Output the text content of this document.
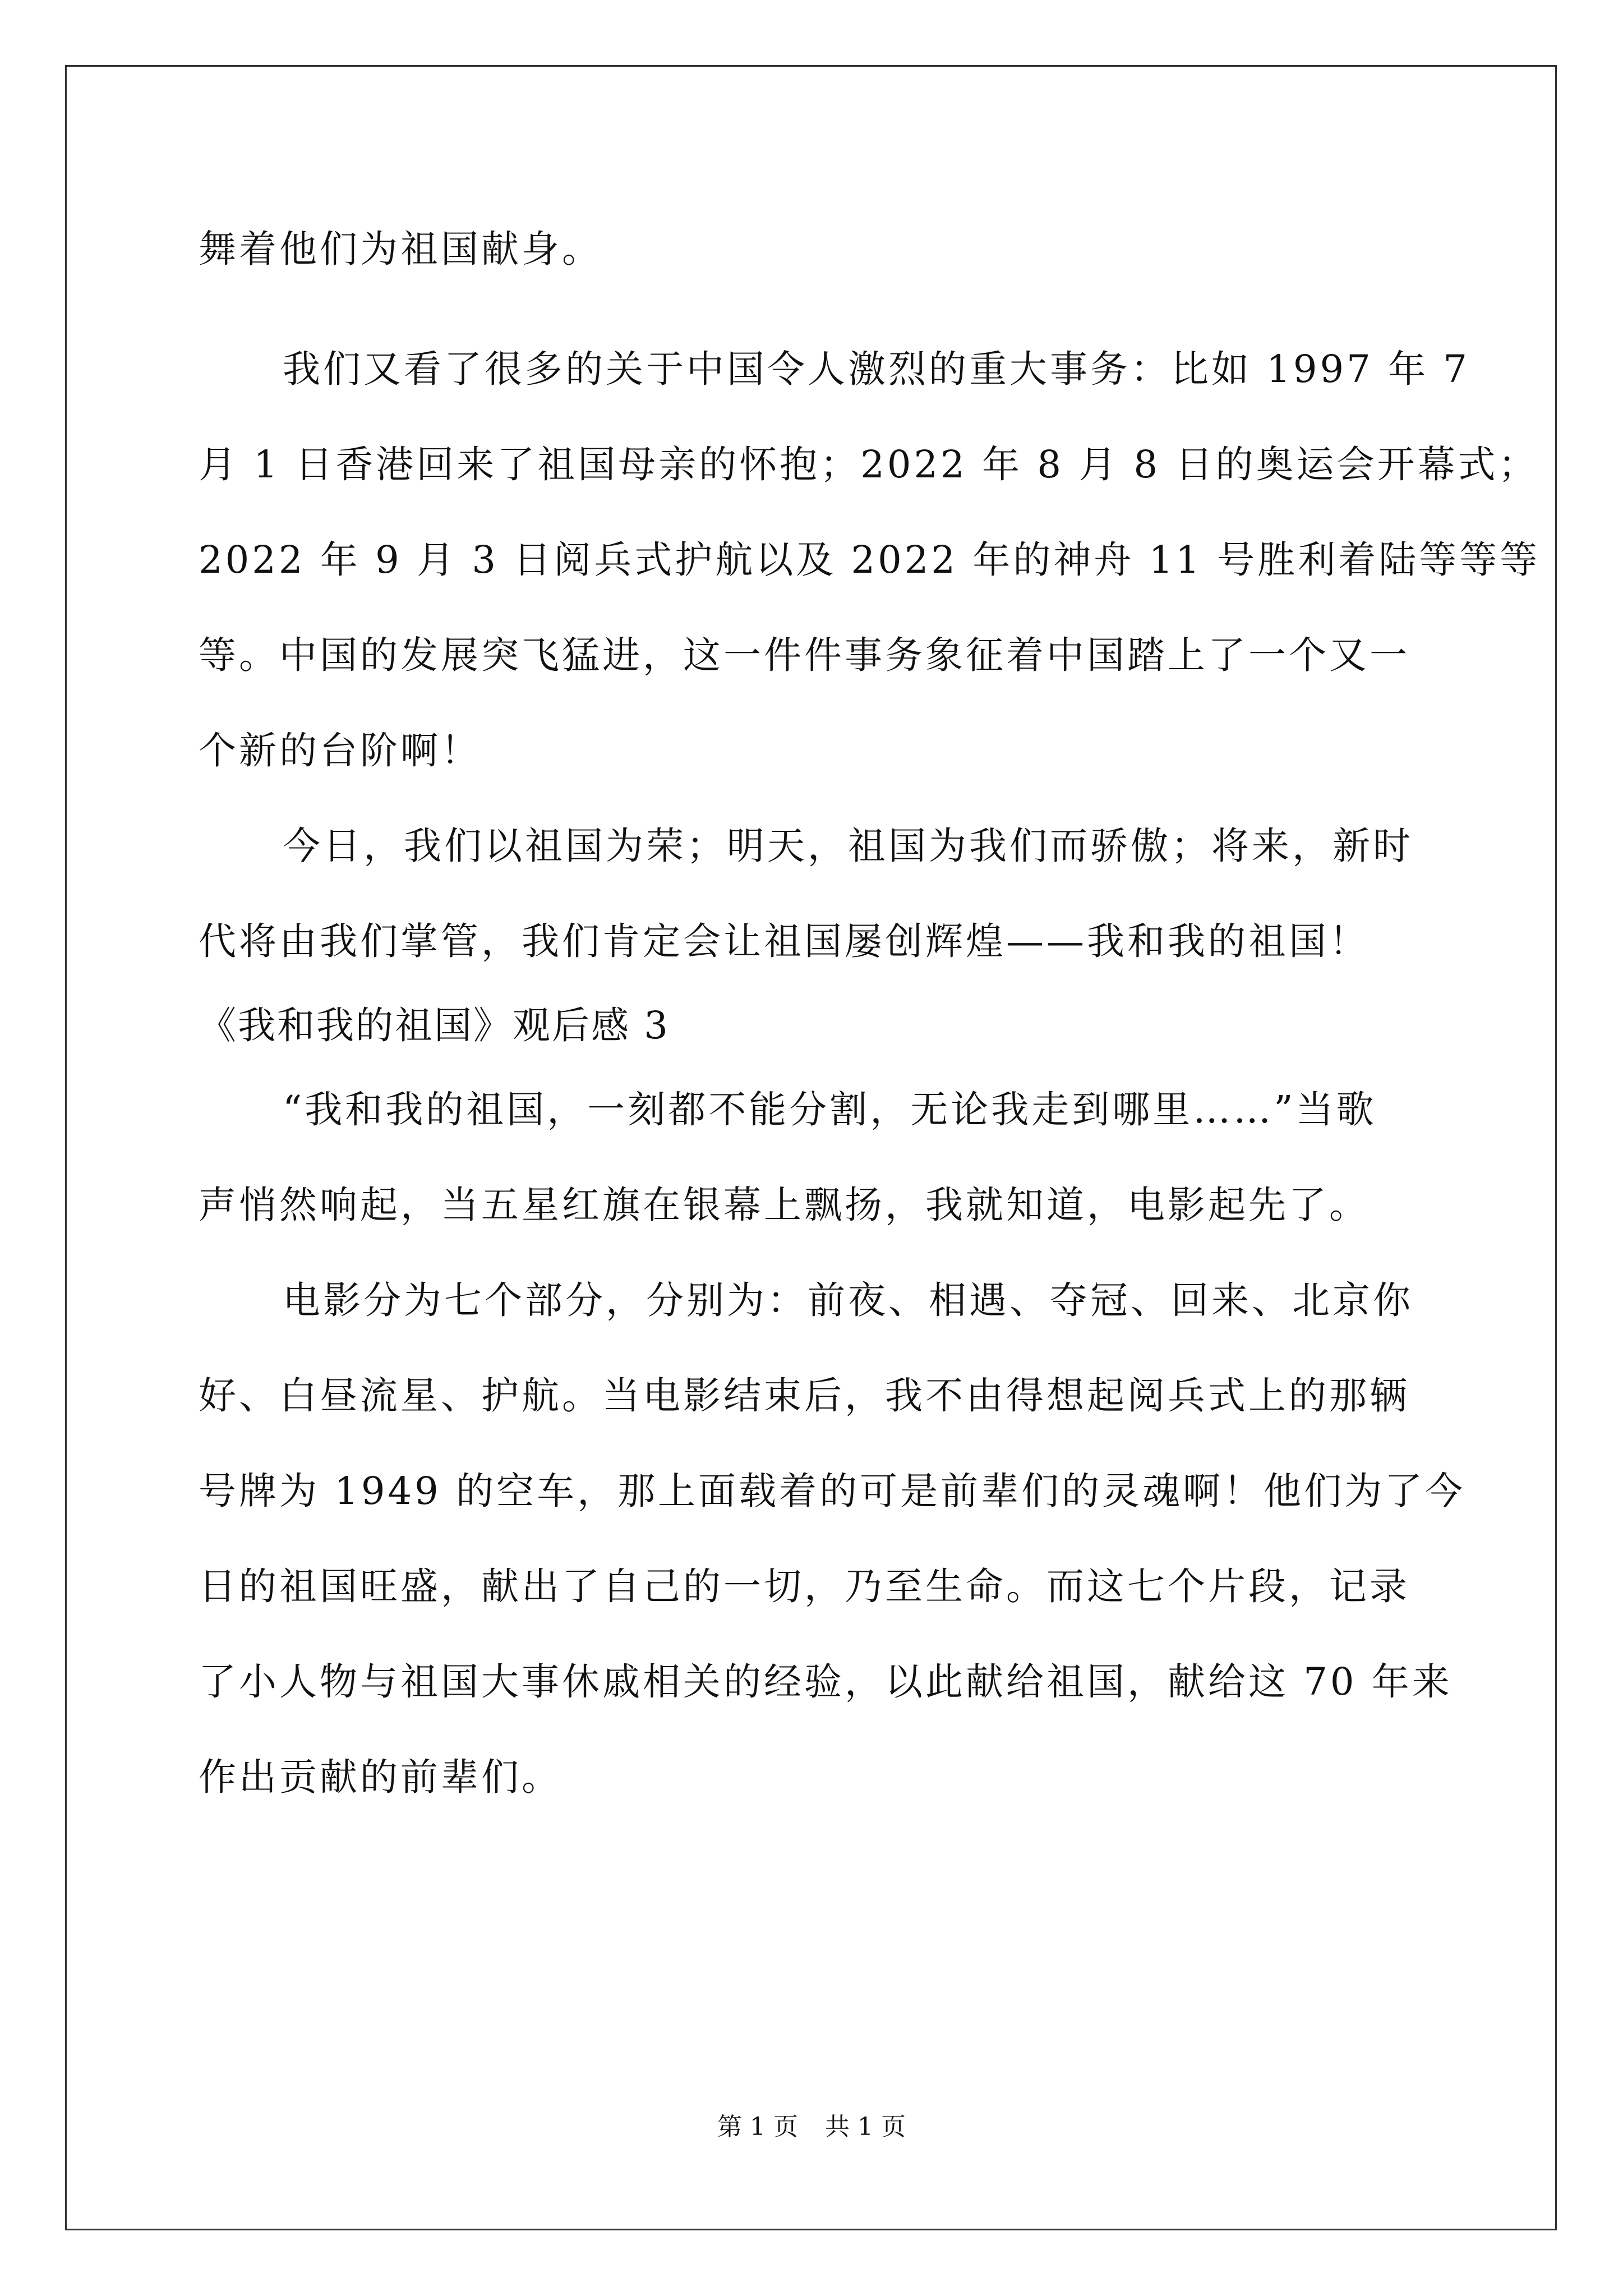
舞着他们为祖国献身。
我们又看了很多的关于中国令人激烈的重大事务：比如 1997 年 7
月 1 日香港回来了祖国母亲的怀抱；2022 年 8 月 8 日的奥运会开幕式；
2022 年 9 月 3 日阅兵式护航以及 2022 年的神舟 11 号胜利着陆等等等
等。中国的发展突飞猛进，这一件件事务象征着中国踏上了一个又一
个新的台阶啊！
今日，我们以祖国为荣；明天，祖国为我们而骄傲；将来，新时
代将由我们掌管，我们肯定会让祖国屡创辉煌——我和我的祖国！
《我和我的祖国》观后感 3
“我和我的祖国，一刻都不能分割，无论我走到哪里……”当歌
声悄然响起，当五星红旗在银幕上飘扬，我就知道，电影起先了。
电影分为七个部分，分别为：前夜、相遇、夺冠、回来、北京你
好、白昼流星、护航。当电影结束后，我不由得想起阅兵式上的那辆
号牌为 1949 的空车，那上面载着的可是前辈们的灵魂啊！他们为了今
日的祖国旺盛，献出了自己的一切，乃至生命。而这七个片段，记录
了小人物与祖国大事休戚相关的经验，以此献给祖国，献给这 70 年来
作出贡献的前辈们。
第 1 页 共 1 页
